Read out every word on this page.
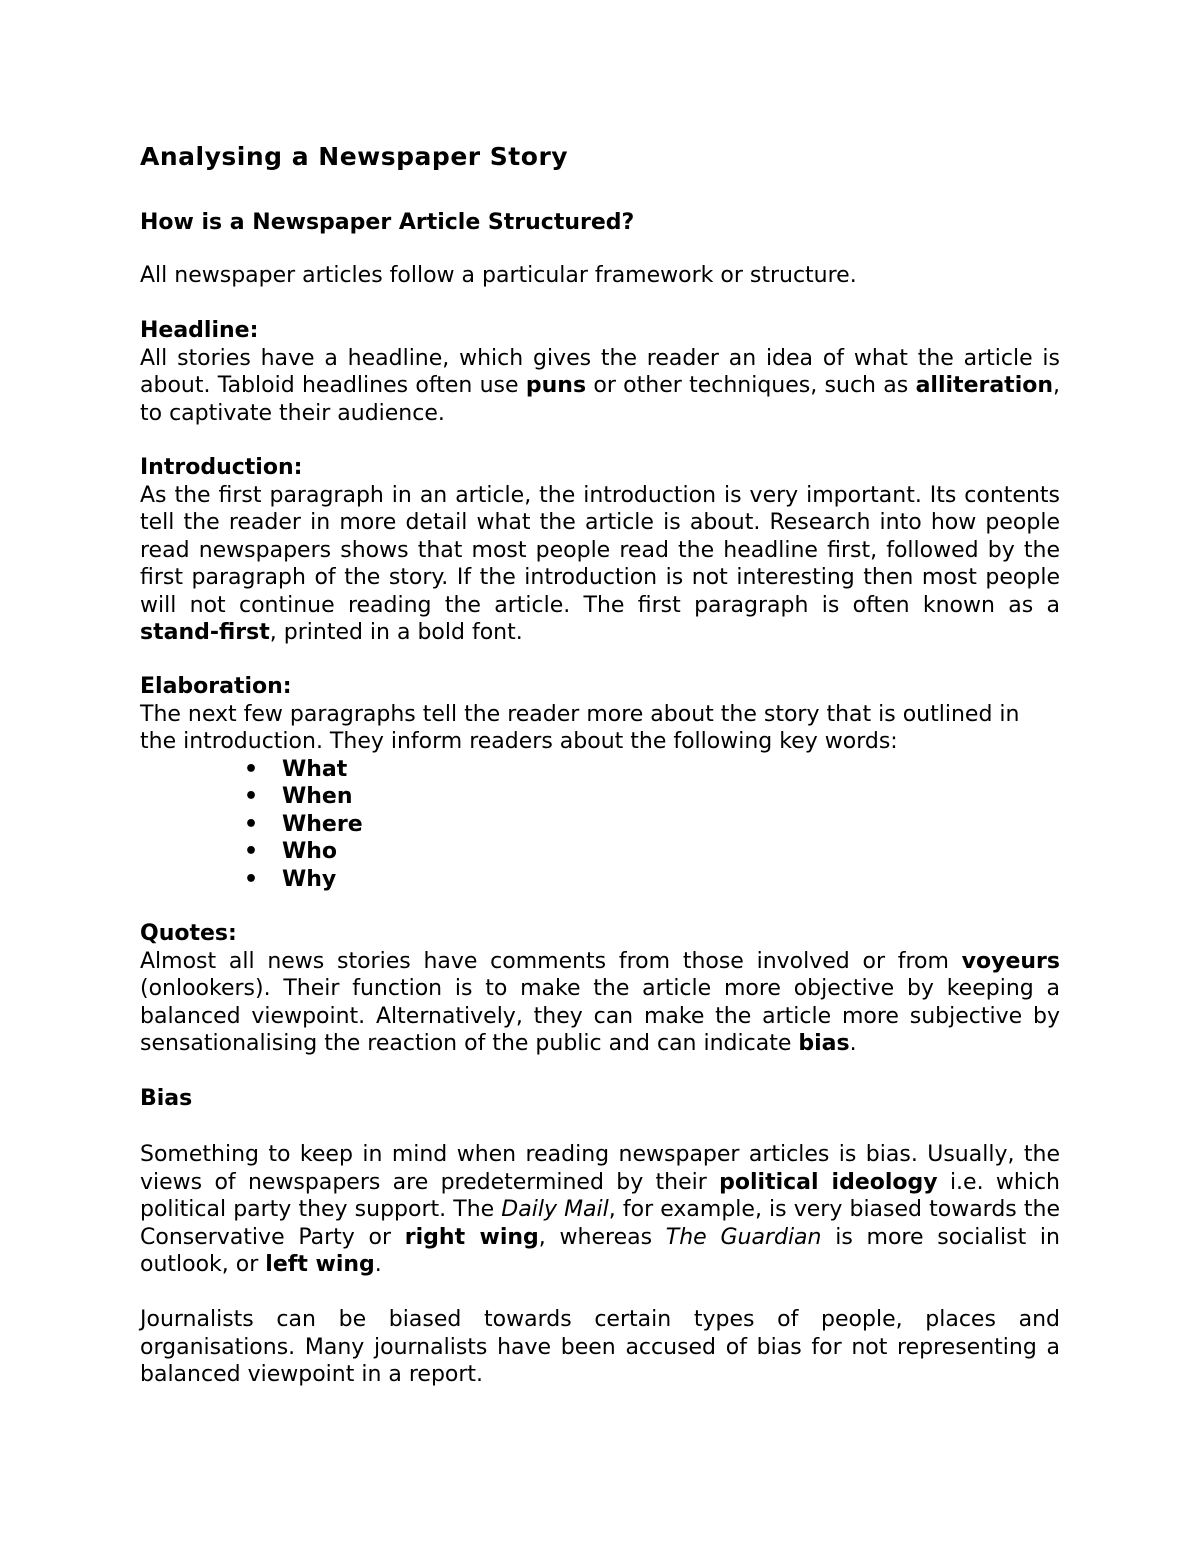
Analysing a Newspaper Story

How is a Newspaper Article Structured?

All newspaper articles follow a particular framework or structure.

Headline:

All stories have a headline, which gives the reader an idea of what the article is about. Tabloid headlines often use puns or other techniques, such as alliteration, to captivate their audience.

Introduction:

As the first paragraph in an article, the introduction is very important. Its contents tell the reader in more detail what the article is about. Research into how people read newspapers shows that most people read the headline first, followed by the first paragraph of the story. If the introduction is not interesting then most people will not continue reading the article. The first paragraph is often known as a stand-first, printed in a bold font.

Elaboration:

The next few paragraphs tell the reader more about the story that is outlined in the introduction. They inform readers about the following key words:

• What
• When
• Where
• Who
• Why

Quotes:

Almost all news stories have comments from those involved or from voyeurs (onlookers). Their function is to make the article more objective by keeping a balanced viewpoint. Alternatively, they can make the article more subjective by sensationalising the reaction of the public and can indicate bias.

Bias

Something to keep in mind when reading newspaper articles is bias. Usually, the views of newspapers are predetermined by their political ideology i.e. which political party they support. The Daily Mail, for example, is very biased towards the Conservative Party or right wing, whereas The Guardian is more socialist in outlook, or left wing.

Journalists can be biased towards certain types of people, places and organisations. Many journalists have been accused of bias for not representing a balanced viewpoint in a report.
